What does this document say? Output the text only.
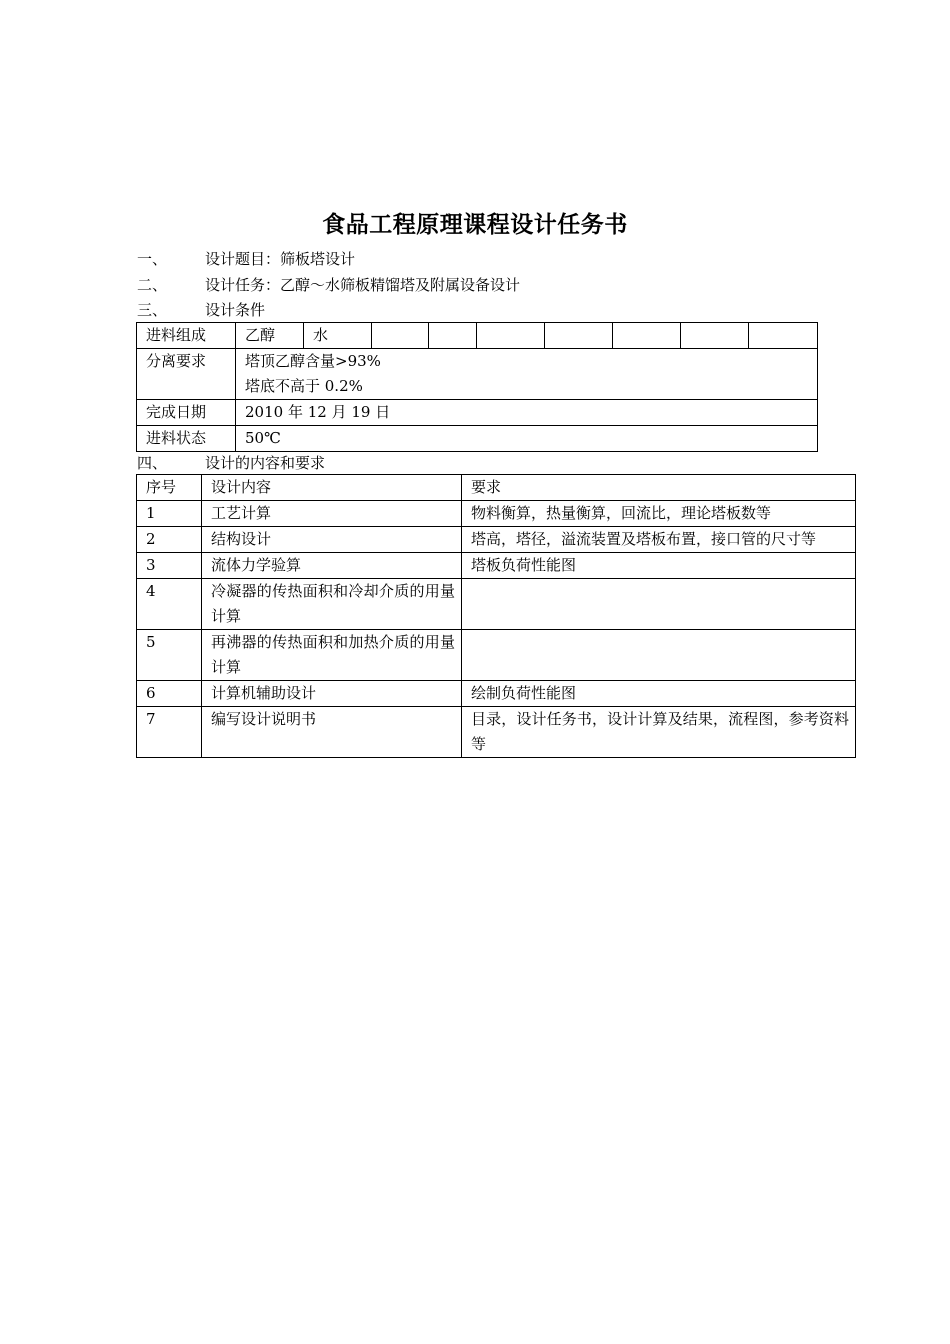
食品工程原理课程设计任务书
一、	设计题目：筛板塔设计
二、	设计任务：乙醇～水筛板精馏塔及附属设备设计
三、	设计条件
进料组成	乙醇	水							
分离要求	塔顶乙醇含量>93%
塔底不高于 0.2%								

完成日期	2010 年 12 月 19 日								
进料状态	50℃								
四、	设计的内容和要求
序号	设计内容	要求
1	工艺计算	物料衡算，热量衡算，回流比，理论塔板数等
2	结构设计	塔高，塔径，溢流装置及塔板布置，接口管的尺寸等
3	流体力学验算	塔板负荷性能图
4	冷凝器的传热面积和冷却介质的用量计算	
5	再沸器的传热面积和加热介质的用量计算	
6	计算机辅助设计	绘制负荷性能图
7	编写设计说明书	目录，设计任务书，设计计算及结果，流程图，参考资料等
